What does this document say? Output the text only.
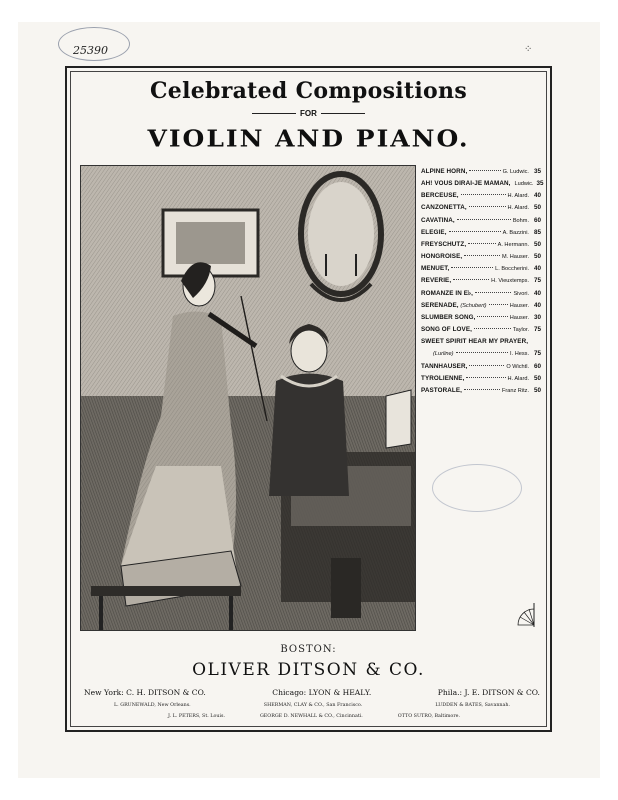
25390	⁘
Celebrated Compositions
FOR
VIOLIN AND PIANO.
ALPINE HORN,	G. Ludwic. 35
AH! VOUS DIRAI-JE MAMAN, Ludwic. 35
BERCEUSE,	H. Alard. 40
CANZONETTA,	H. Alard. 50
CAVATINA,	Bohm. 60
ELEGIE,	A. Bazzini. 85
FREYSCHUTZ,	A. Hermann. 50
HONGROISE,	M. Hauser. 50
MENUET,	L. Boccherini. 40
REVERIE,	H. Vieuxtemps. 75
ROMANZE IN E♭,	Sivori. 40
SERENADE,
(Schubert)	Hauser. 40
SLUMBER SONG,	Hauser. 30
SONG OF LOVE,	Taylor. 75
SWEET SPIRIT HEAR MY PRAYER,
(Lurline)	I. Hess. 75
TANNHAUSER,	O Wichtl. 60
TYROLIENNE,	H. Alard. 50
PASTORALE,	Franz Ritz. 50
BOSTON:
OLIVER DITSON & CO.
New York: C. H. DITSON & CO.	Chicago: LYON & HEALY.	Phila.: J. E. DITSON & CO.
L. GRUNEWALD, New Orleans.	SHERMAN, CLAY & CO., San Francisco.	LUDDEN & BATES, Savannah.
J. L. PETERS, St. Louis.	GEORGE D. NEWHALL & CO., Cincinnati.	OTTO SUTRO, Baltimore.
